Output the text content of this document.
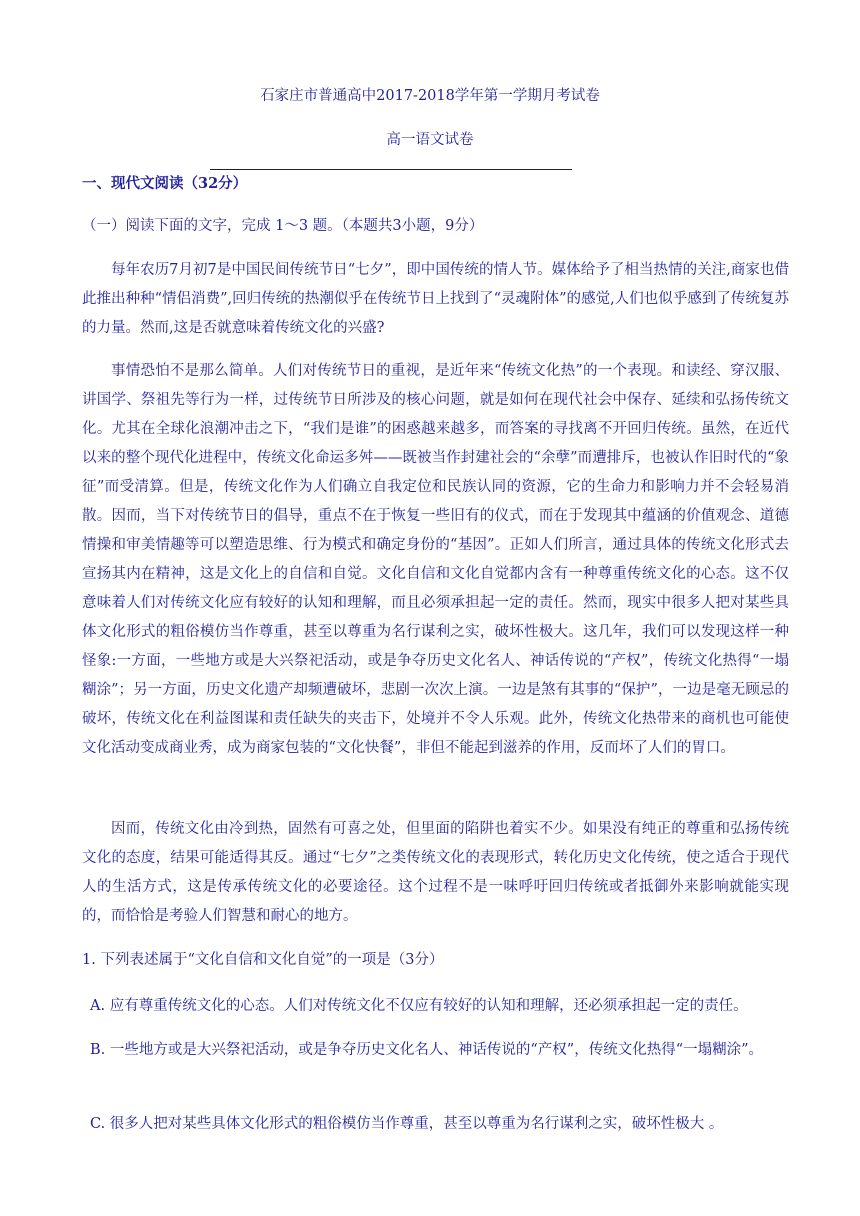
石家庄市普通高中2017-2018学年第一学期月考试卷
高一语文试卷
一、现代文阅读（32分）
（一）阅读下面的文字，完成 1～3 题。（本题共3小题，9分）

每年农历7月初7是中国民间传统节日“七夕”，即中国传统的情人节。媒体给予了相当热情的关注,商家也借此推出种种“情侣消费”,回归传统的热潮似乎在传统节日上找到了“灵魂附体”的感觉,人们也似乎感到了传统复苏的力量。然而,这是否就意味着传统文化的兴盛?

事情恐怕不是那么简单。人们对传统节日的重视，是近年来“传统文化热”的一个表现。和读经、穿汉服、讲国学、祭祖先等行为一样，过传统节日所涉及的核心问题，就是如何在现代社会中保存、延续和弘扬传统文化。尤其在全球化浪潮冲击之下，“我们是谁”的困惑越来越多，而答案的寻找离不开回归传统。虽然，在近代以来的整个现代化进程中，传统文化命运多舛——既被当作封建社会的“余孽”而遭排斥，也被认作旧时代的“象征”而受清算。但是，传统文化作为人们确立自我定位和民族认同的资源，它的生命力和影响力并不会轻易消散。因而，当下对传统节日的倡导，重点不在于恢复一些旧有的仪式，而在于发现其中蕴涵的价值观念、道德情操和审美情趣等可以塑造思维、行为模式和确定身份的“基因”。正如人们所言，通过具体的传统文化形式去宣扬其内在精神，这是文化上的自信和自觉。文化自信和文化自觉都内含有一种尊重传统文化的心态。这不仅意味着人们对传统文化应有较好的认知和理解，而且必须承担起一定的责任。然而，现实中很多人把对某些具体文化形式的粗俗模仿当作尊重，甚至以尊重为名行谋利之实，破坏性极大。这几年，我们可以发现这样一种怪象:一方面，一些地方或是大兴祭祀活动，或是争夺历史文化名人、神话传说的“产权”，传统文化热得“一塌糊涂”；另一方面，历史文化遗产却频遭破坏，悲剧一次次上演。一边是煞有其事的“保护”，一边是毫无顾忌的破坏，传统文化在利益图谋和责任缺失的夹击下，处境并不令人乐观。此外，传统文化热带来的商机也可能使文化活动变成商业秀，成为商家包装的“文化快餐”，非但不能起到滋养的作用，反而坏了人们的胃口。

因而，传统文化由冷到热，固然有可喜之处，但里面的陷阱也着实不少。如果没有纯正的尊重和弘扬传统文化的态度，结果可能适得其反。通过“七夕”之类传统文化的表现形式，转化历史文化传统，使之适合于现代人的生活方式，这是传承传统文化的必要途径。这个过程不是一味呼吁回归传统或者抵御外来影响就能实现的，而恰恰是考验人们智慧和耐心的地方。

1. 下列表述属于“文化自信和文化自觉”的一项是（3分）
A. 应有尊重传统文化的心态。人们对传统文化不仅应有较好的认知和理解，还必须承担起一定的责任。

B. 一些地方或是大兴祭祀活动，或是争夺历史文化名人、神话传说的“产权”，传统文化热得“一塌糊涂”。

C. 很多人把对某些具体文化形式的粗俗模仿当作尊重，甚至以尊重为名行谋利之实，破坏性极大 。
